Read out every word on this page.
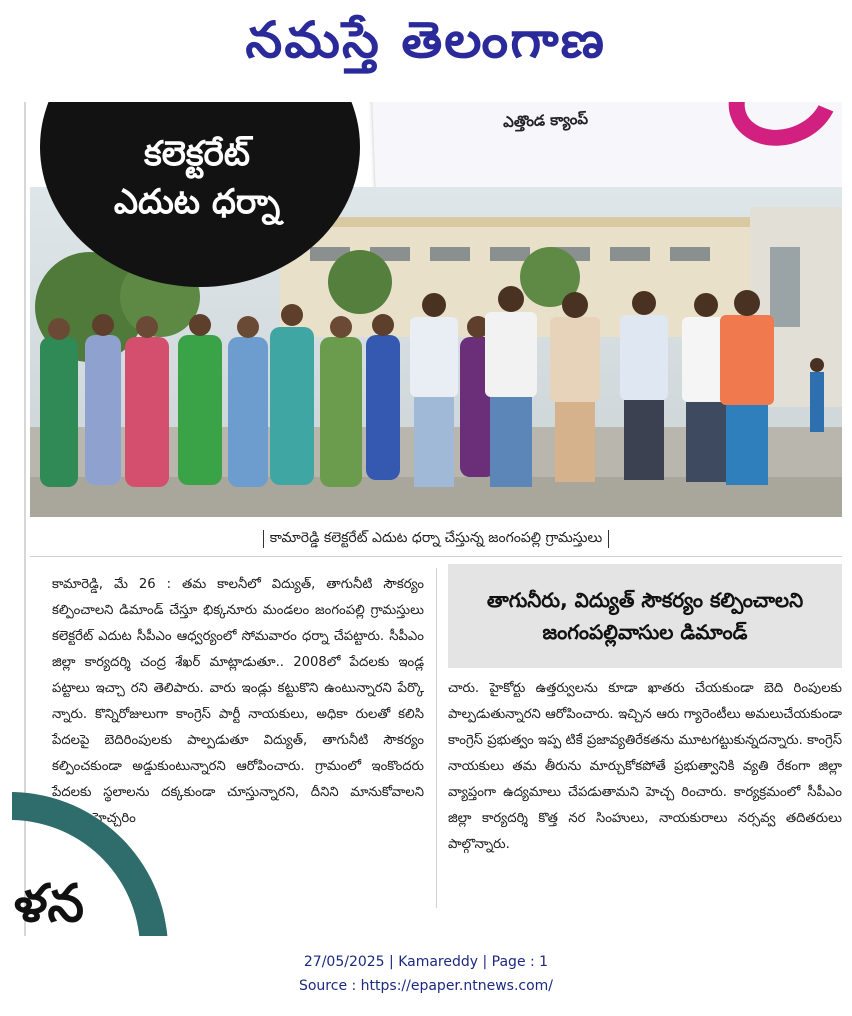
నమస్తే తెలంగాణ
ఎత్తొండ క్యాంప్
కలెక్టరేట్
ఎదుట ధర్నా
కామారెడ్డి కలెక్టరేట్ ఎదుట ధర్నా చేస్తున్న జంగంపల్లి గ్రామస్తులు
కామారెడ్డి, మే 26 : తమ కాలనీలో విద్యుత్, తాగునీటి సౌకర్యం కల్పించాలని డిమాండ్ చేస్తూ భిక్కనూరు మండలం జంగంపల్లి గ్రామస్తులు కలెక్టరేట్ ఎదుట సీపీఎం ఆధ్వర్యంలో సోమవారం ధర్నా చేపట్టారు. సీపీఎం జిల్లా కార్యదర్శి చంద్ర శేఖర్ మాట్లాడుతూ.. 2008లో పేదలకు ఇండ్ల పట్టాలు ఇచ్చా రని తెలిపారు. వారు ఇండ్లు కట్టుకొని ఉంటున్నారని పేర్కొ న్నారు. కొన్నిరోజులుగా కాంగ్రెస్ పార్టీ నాయకులు, అధికా రులతో కలిసి పేదలపై బెదిరింపులకు పాల్పడుతూ విద్యుత్, తాగునీటి సౌకర్యం కల్పించకుండా అడ్డుకుంటున్నారని ఆరోపించారు. గ్రామంలో ఇంకొందరు పేదలకు స్థలాలను దక్కకుండా చూస్తున్నారని, దీనిని మానుకోవాలని ఆయన హెచ్చరిం
తాగునీరు, విద్యుత్ సౌకర్యం కల్పించాలని జంగంపల్లివాసుల డిమాండ్
చారు. హైకోర్టు ఉత్తర్వులను కూడా ఖాతరు చేయకుండా బెది రింపులకు పాల్పడుతున్నారని ఆరోపించారు. ఇచ్చిన ఆరు గ్యారెంటీలు అమలుచేయకుండా కాంగ్రెస్ ప్రభుత్వం ఇప్ప టికే ప్రజావ్యతిరేకతను మూటగట్టుకున్నదన్నారు. కాంగ్రెస్ నాయకులు తమ తీరును మార్చుకోకపోతే ప్రభుత్వానికి వ్యతి రేకంగా జిల్లా వ్యాప్తంగా ఉద్యమాలు చేపడుతామని హెచ్చ రించారు. కార్యక్రమంలో సీపీఎం జిల్లా కార్యదర్శి కొత్త నర సింహులు, నాయకురాలు నర్సవ్వ తదితరులు పాల్గొన్నారు.
ళన
27/05/2025 | Kamareddy | Page : 1
Source : https://epaper.ntnews.com/
